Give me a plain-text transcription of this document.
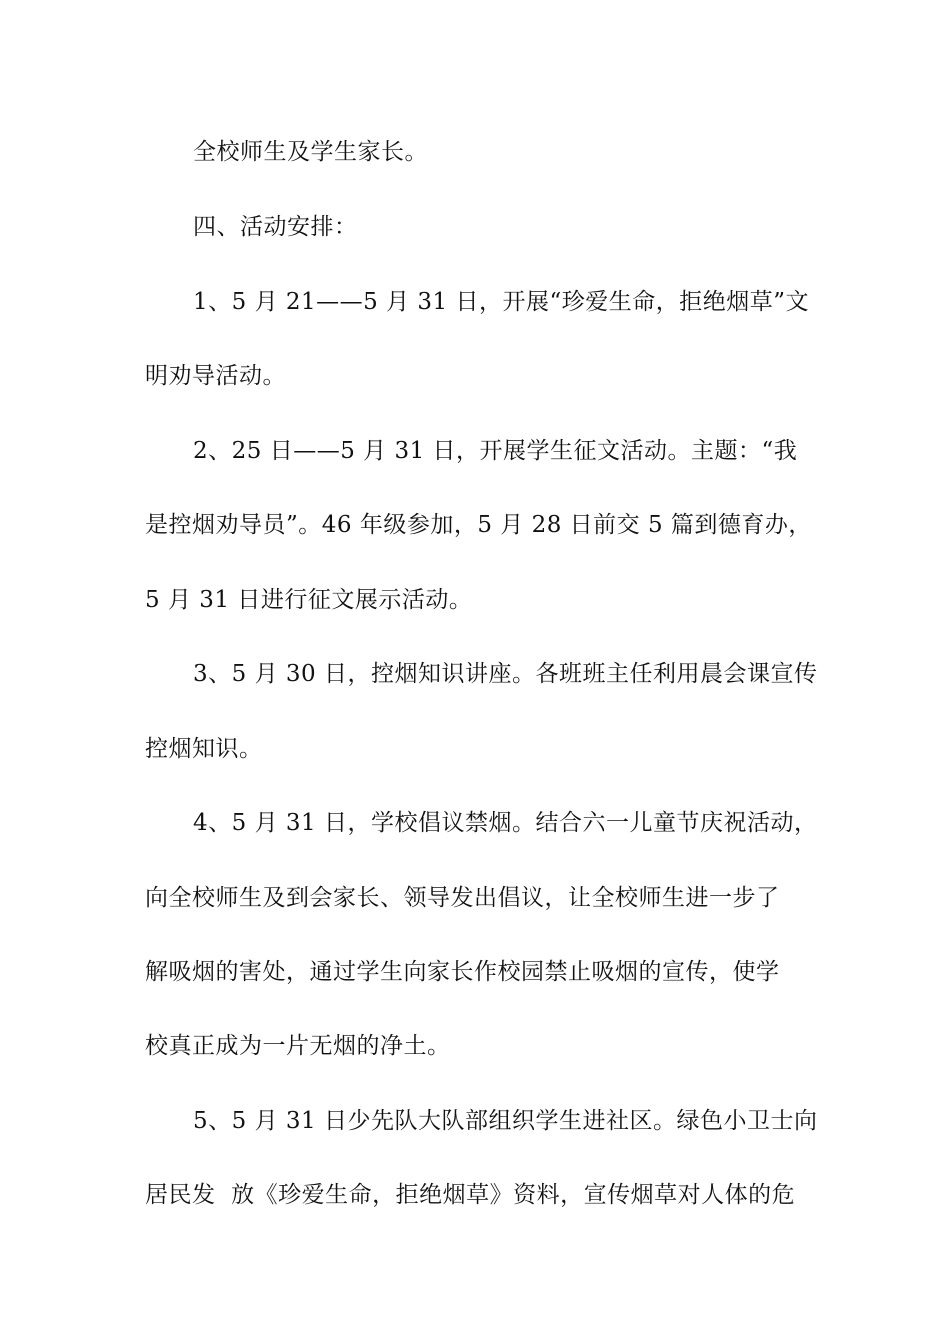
全校师生及学生家长。
四、活动安排：
1、5 月 21——5 月 31 日，开展“珍爱生命，拒绝烟草”文
明劝导活动。
2、25 日——5 月 31 日，开展学生征文活动。主题：“我
是控烟劝导员”。46 年级参加，5 月 28 日前交 5 篇到德育办，
5 月 31 日进行征文展示活动。
3、5 月 30 日，控烟知识讲座。各班班主任利用晨会课宣传
控烟知识。
4、5 月 31 日，学校倡议禁烟。结合六一儿童节庆祝活动，
向全校师生及到会家长、领导发出倡议，让全校师生进一步了
解吸烟的害处，通过学生向家长作校园禁止吸烟的宣传，使学
校真正成为一片无烟的净土。
5、5 月 31 日少先队大队部组织学生进社区。绿色小卫士向
居民发  放《珍爱生命，拒绝烟草》资料，宣传烟草对人体的危
